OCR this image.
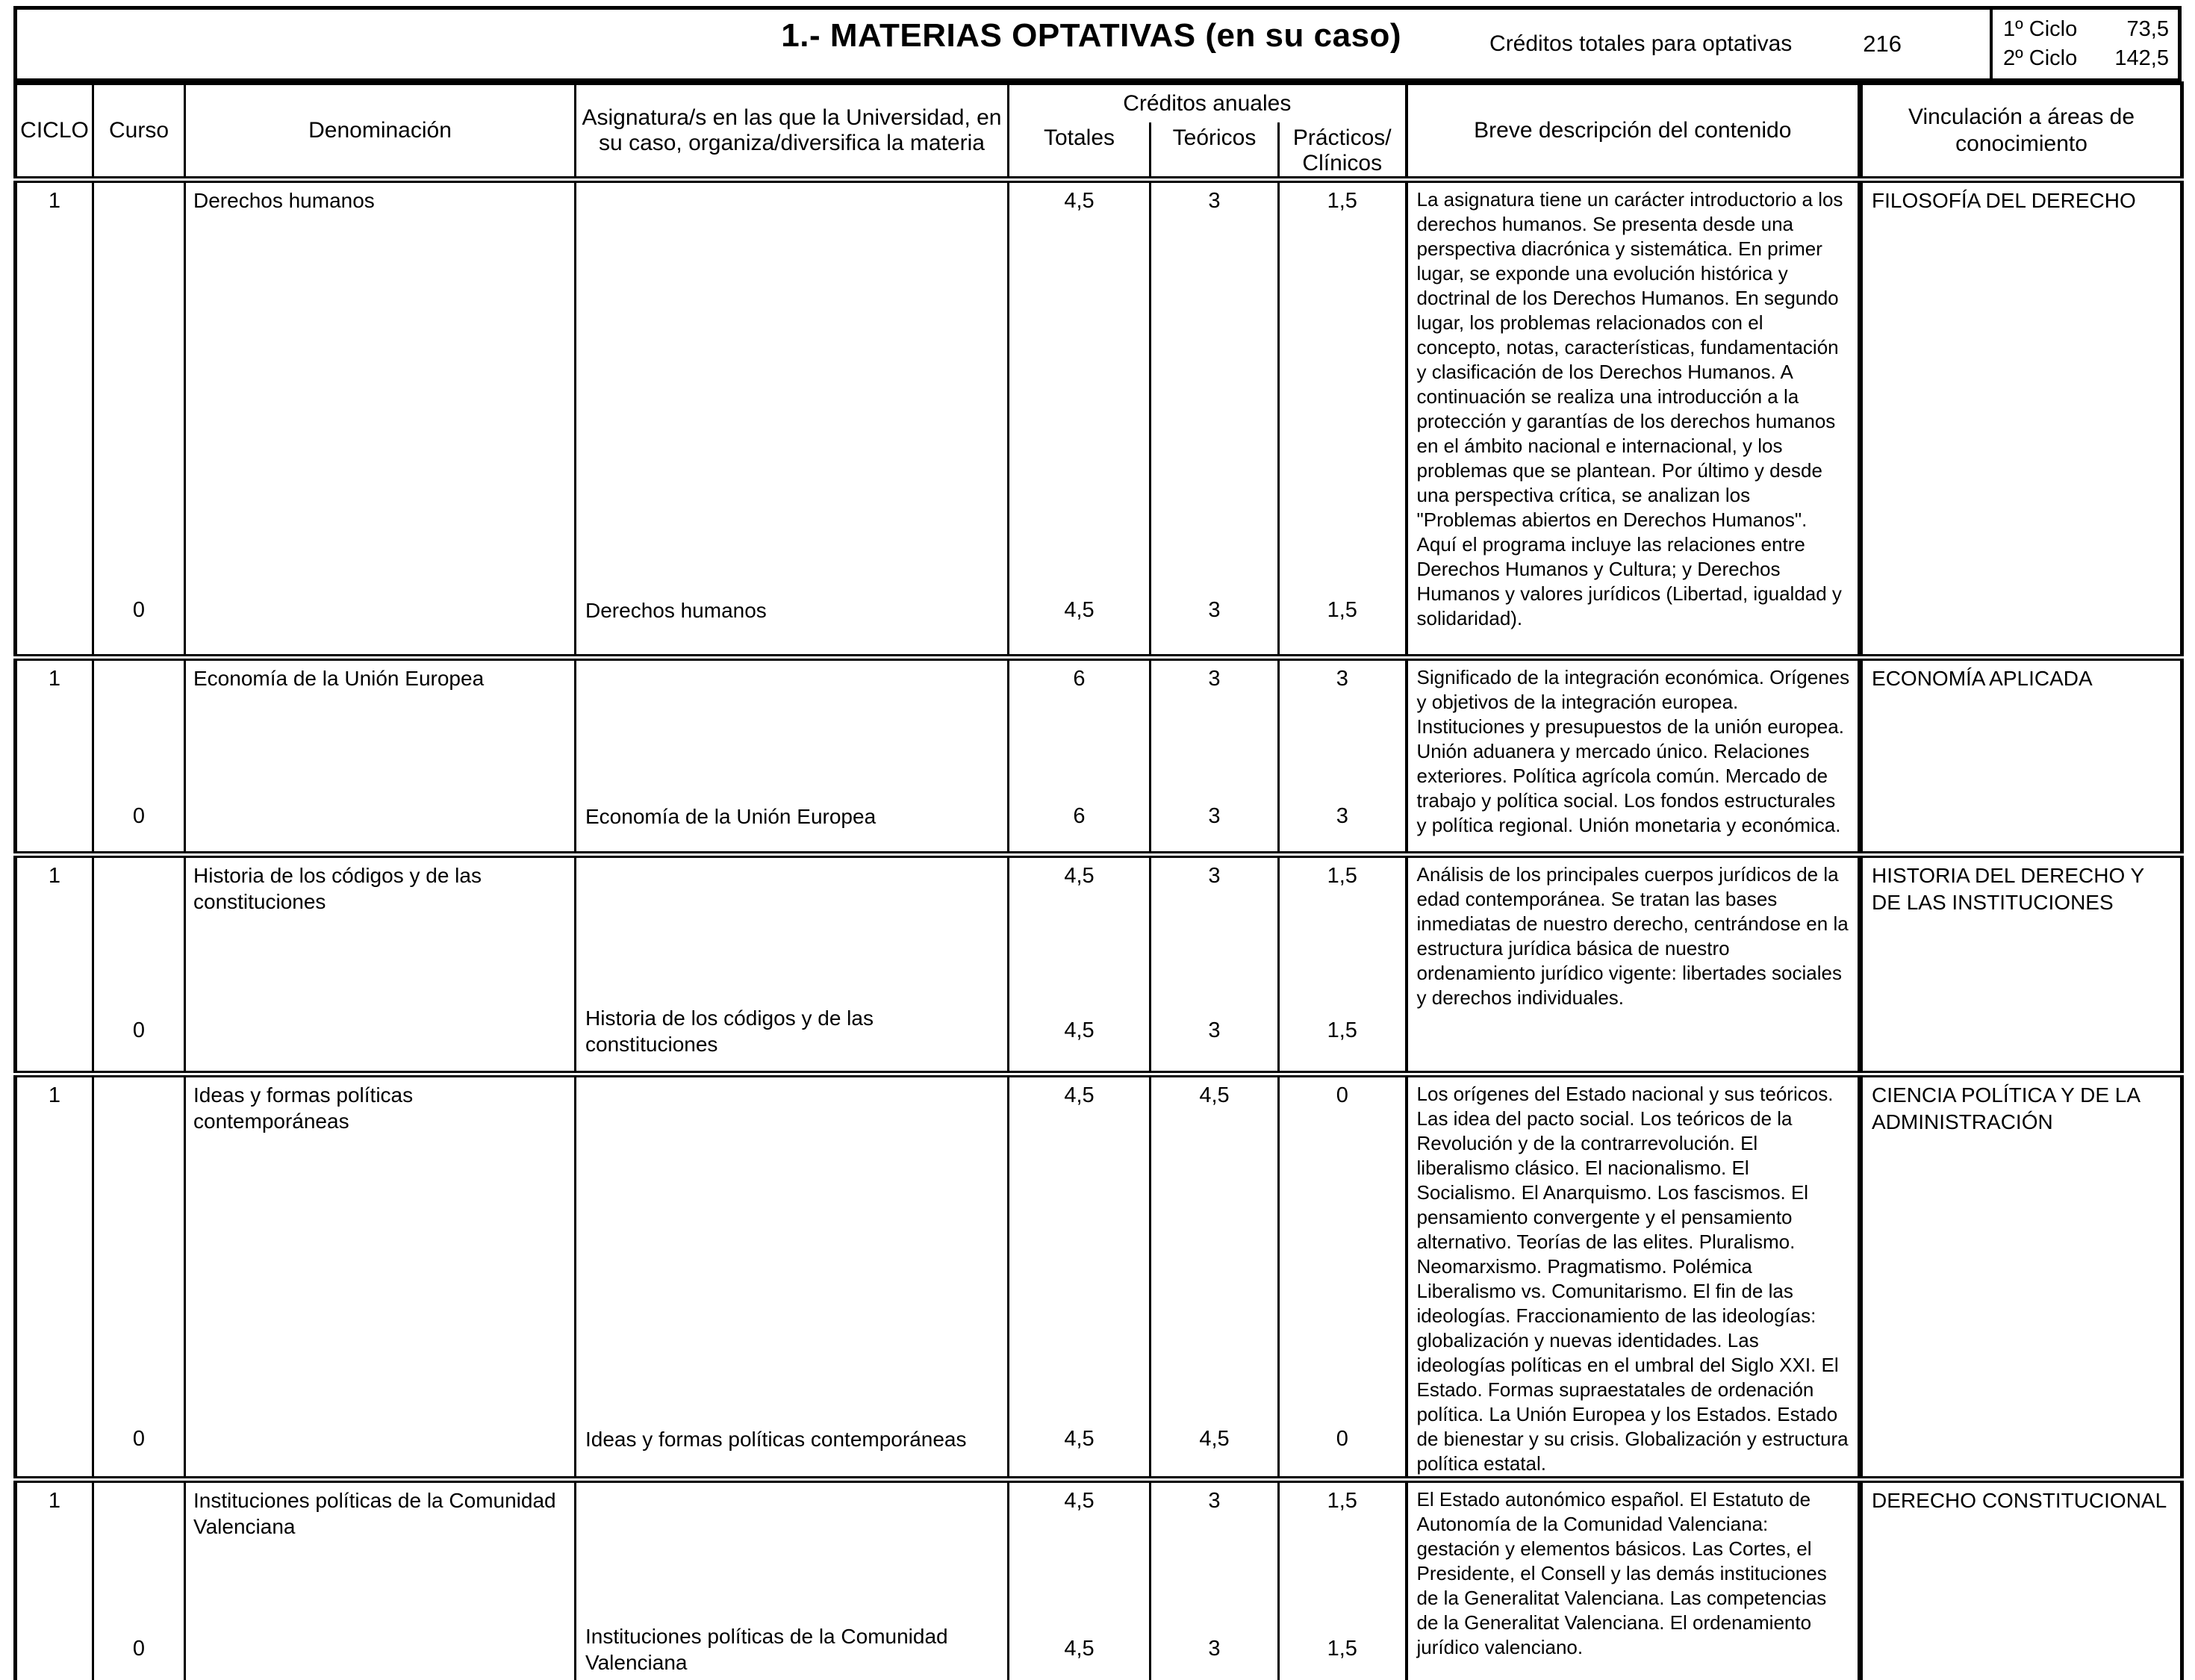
1.- MATERIAS OPTATIVAS (en su caso)	Créditos totales para optativas	216
1º Ciclo 73,5
2º Ciclo 142,5
CICLO	Curso	Denominación	Asignatura/s en las que la Universidad, en su caso, organiza/diversifica la materia	Créditos anuales			Breve descripción del contenido	Vinculación a áreas de conocimiento
				Totales	Teóricos	Prácticos/ Clínicos		
1		Derechos humanos		4,5	3	1,5	La asignatura tiene un carácter introductorio a los derechos humanos. Se presenta desde una perspectiva diacrónica y sistemática. En primer lugar, se exponde una evolución histórica y doctrinal de los Derechos Humanos. En segundo lugar, los problemas relacionados con el concepto, notas, características, fundamentación y clasificación de los Derechos Humanos. A continuación se realiza una introducción a la protección y garantías de los derechos humanos en el ámbito nacional e internacional, y los problemas que se plantean. Por último y desde una perspectiva crítica, se analizan los "Problemas abiertos en Derechos Humanos". Aquí el programa incluye las relaciones entre Derechos Humanos y Cultura; y Derechos Humanos y valores jurídicos (Libertad, igualdad y solidaridad).	FILOSOFÍA DEL DERECHO
	0		Derechos humanos	4,5	3	1,5		
1		Economía de la Unión Europea		6	3	3	Significado de la integración económica. Orígenes y objetivos de la integración europea. Instituciones y presupuestos de la unión europea. Unión aduanera y mercado único. Relaciones exteriores. Política agrícola común. Mercado de trabajo y política social. Los fondos estructurales y política regional. Unión monetaria y económica.	ECONOMÍA APLICADA
	0		Economía de la Unión Europea	6	3	3		
1		Historia de los códigos y de las constituciones		4,5	3	1,5	Análisis de los principales cuerpos jurídicos de la edad contemporánea. Se tratan las bases inmediatas de nuestro derecho, centrándose en la estructura jurídica básica de nuestro ordenamiento jurídico vigente: libertades sociales y derechos individuales.	HISTORIA DEL DERECHO Y DE LAS INSTITUCIONES
	0		Historia de los códigos y de las constituciones	4,5	3	1,5		
1		Ideas y formas políticas contemporáneas		4,5	4,5	0	Los orígenes del Estado nacional y sus teóricos. Las idea del pacto social. Los teóricos de la Revolución y de la contrarrevolución. El liberalismo clásico. El nacionalismo. El Socialismo. El Anarquismo. Los fascismos. El pensamiento convergente y el pensamiento alternativo. Teorías de las elites. Pluralismo. Neomarxismo. Pragmatismo. Polémica Liberalismo vs. Comunitarismo. El fin de las ideologías. Fraccionamiento de las ideologías: globalización y nuevas identidades. Las ideologías políticas en el umbral del Siglo XXI. El Estado. Formas supraestatales de ordenación política. La Unión Europea y los Estados. Estado de bienestar y su crisis. Globalización y estructura política estatal.	CIENCIA POLÍTICA Y DE LA ADMINISTRACIÓN
	0		Ideas y formas políticas contemporáneas	4,5	4,5	0		
1		Instituciones políticas de la Comunidad Valenciana		4,5	3	1,5	El Estado autonómico español. El Estatuto de Autonomía de la Comunidad Valenciana: gestación y elementos básicos. Las Cortes, el Presidente, el Consell y las demás instituciones de la Generalitat Valenciana. Las competencias de la Generalitat Valenciana. El ordenamiento jurídico valenciano.	DERECHO CONSTITUCIONAL
	0		Instituciones políticas de la Comunidad Valenciana	4,5	3	1,5		
